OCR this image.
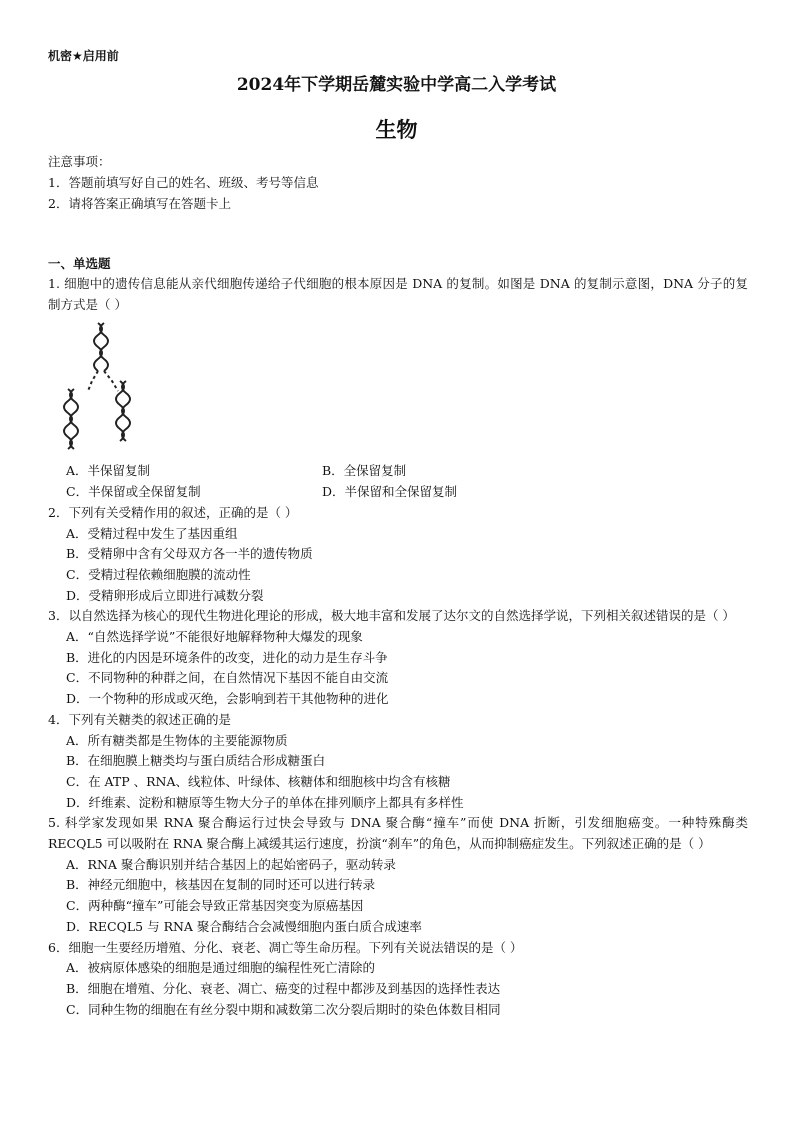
机密★启用前
2024年下学期岳麓实验中学高二入学考试
生物
注意事项：
1．答题前填写好自己的姓名、班级、考号等信息
2．请将答案正确填写在答题卡上
一、单选题
1. 细胞中的遗传信息能从亲代细胞传递给子代细胞的根本原因是 DNA 的复制。如图是 DNA 的复制示意图，DNA 分子的复制方式是（ ）
A．半保留复制	B．全保留复制
C．半保留或全保留复制	D．半保留和全保留复制
2．下列有关受精作用的叙述，正确的是（ ）
A．受精过程中发生了基因重组
B．受精卵中含有父母双方各一半的遗传物质
C．受精过程依赖细胞膜的流动性
D．受精卵形成后立即进行减数分裂
3．以自然选择为核心的现代生物进化理论的形成，极大地丰富和发展了达尔文的自然选择学说，下列相关叙述错误的是（ ）
A．“自然选择学说”不能很好地解释物种大爆发的现象
B．进化的内因是环境条件的改变，进化的动力是生存斗争
C．不同物种的种群之间，在自然情况下基因不能自由交流
D．一个物种的形成或灭绝，会影响到若干其他物种的进化
4．下列有关糖类的叙述正确的是
A．所有糖类都是生物体的主要能源物质
B．在细胞膜上糖类均与蛋白质结合形成糖蛋白
C．在 ATP 、RNA、线粒体、叶绿体、核糖体和细胞核中均含有核糖
D．纤维素、淀粉和糖原等生物大分子的单体在排列顺序上都具有多样性
5. 科学家发现如果 RNA 聚合酶运行过快会导致与 DNA 聚合酶“撞车”而使 DNA 折断，引发细胞癌变。一种特殊酶类 RECQL5 可以吸附在 RNA 聚合酶上减缓其运行速度，扮演“刹车”的角色，从而抑制癌症发生。下列叙述正确的是（ ）
A．RNA 聚合酶识别并结合基因上的起始密码子，驱动转录
B．神经元细胞中，核基因在复制的同时还可以进行转录
C．两种酶“撞车”可能会导致正常基因突变为原癌基因
D．RECQL5 与 RNA 聚合酶结合会减慢细胞内蛋白质合成速率
6．细胞一生要经历增殖、分化、衰老、凋亡等生命历程。下列有关说法错误的是（ ）
A．被病原体感染的细胞是通过细胞的编程性死亡清除的
B．细胞在增殖、分化、衰老、凋亡、癌变的过程中都涉及到基因的选择性表达
C．同种生物的细胞在有丝分裂中期和减数第二次分裂后期时的染色体数目相同
